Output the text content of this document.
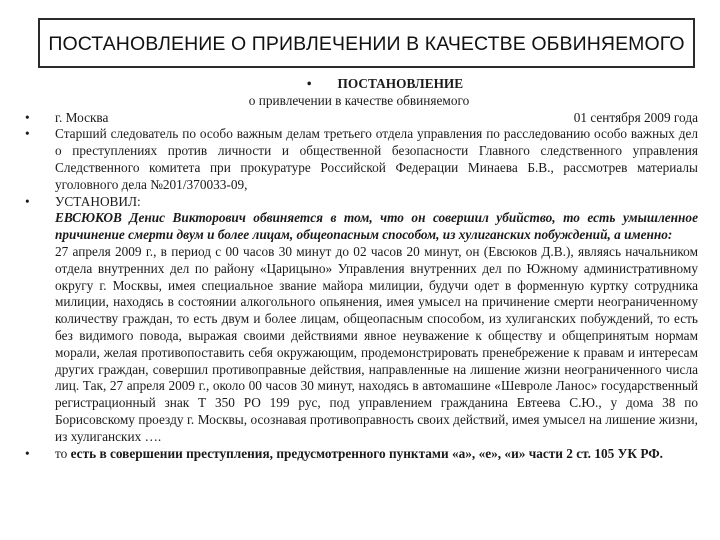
ПОСТАНОВЛЕНИЕ О ПРИВЛЕЧЕНИИ В КАЧЕСТВЕ ОБВИНЯЕМОГО
• ПОСТАНОВЛЕНИЕ
о привлечении в качестве обвиняемого
• г. Москва	01 сентября 2009 года
• Старший следователь по особо важным делам третьего отдела управления по расследованию особо важных дел о преступлениях против личности и общественной безопасности Главного следственного управления Следственного комитета при прокуратуре Российской Федерации Минаева Б.В., рассмотрев материалы уголовного дела №201/370033-09,
• УСТАНОВИЛ:
ЕВСЮКОВ Денис Викторович обвиняется в том, что он совершил убийство, то есть умышленное причинение смерти двум и более лицам, общеопасным способом, из хулиганских побуждений, а именно:
27 апреля 2009 г., в период с 00 часов 30 минут до 02 часов 20 минут, он (Евсюков Д.В.), являясь начальником отдела внутренних дел по району «Царицыно» Управления внутренних дел по Южному административному округу г. Москвы, имея специальное звание майора милиции, будучи одет в форменную куртку сотрудника милиции, находясь в состоянии алкогольного опьянения, имея умысел на причинение смерти неограниченному количеству граждан, то есть двум и более лицам, общеопасным способом, из хулиганских побуждений, то есть без видимого повода, выражая своими действиями явное неуважение к обществу и общепринятым нормам морали, желая противопоставить себя окружающим, продемонстрировать пренебрежение к правам и интересам других граждан, совершил противоправные действия, направленные на лишение жизни неограниченного числа лиц. Так, 27 апреля 2009 г., около 00 часов 30 минут, находясь в автомашине «Шевроле Ланос» государственный регистрационный знак Т 350 РО 199 рус, под управлением гражданина Евтеева С.Ю., у дома 38 по Борисовскому проезду г. Москвы, осознавая противоправность своих действий, имея умысел на лишение жизни, из хулиганских ….
• то есть в совершении преступления, предусмотренного пунктами «а», «е», «и» части 2 ст. 105 УК РФ.
